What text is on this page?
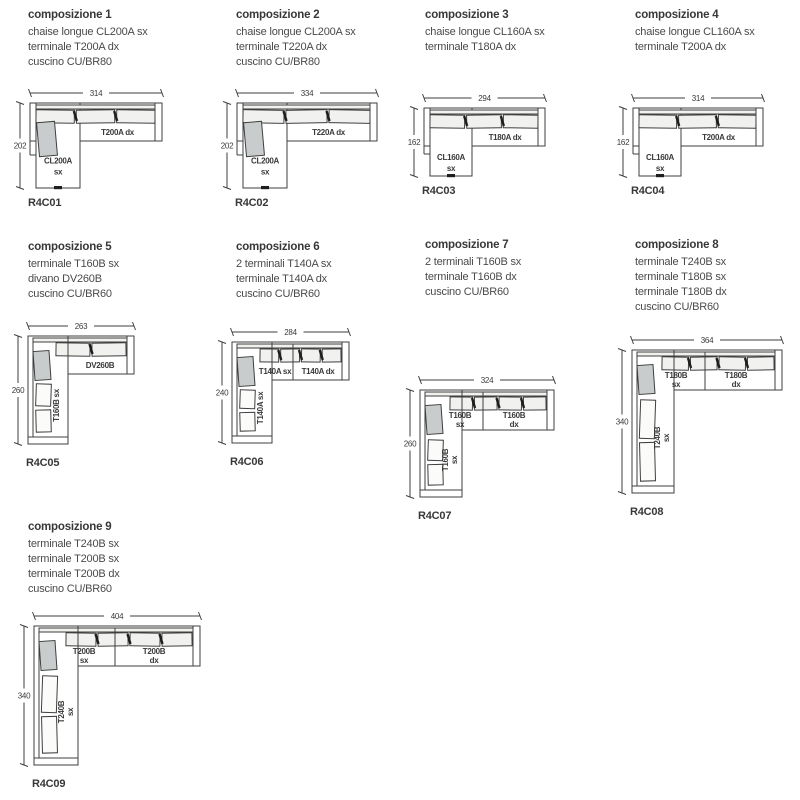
composizione 1
chaise longue CL200A sx
terminale T200A dx
cuscino CU/BR80
composizione 2
chaise longue CL200A sx
terminale T220A dx
cuscino CU/BR80
composizione 3
chaise longue CL160A sx
terminale T180A dx
composizione 4
chaise longue CL160A sx
terminale T200A dx
composizione 5
terminale T160B sx
divano DV260B
cuscino CU/BR60
composizione 6
2 terminali T140A sx
terminale T140A dx
cuscino CU/BR60
composizione 7
2 terminali T160B sx
terminale T160B dx
cuscino CU/BR60
composizione 8
terminale T240B sx
terminale T180B sx
terminale T180B dx
cuscino CU/BR60
composizione 9
terminale T240B sx
terminale T200B sx
terminale T200B dx
cuscino CU/BR60
314
202
T200A dx
CL200A
sx
R4C01
334
202
T220A dx
CL200A
sx
R4C02
294
162
T180A dx
CL160A
sx
R4C03
314
162
T200A dx
CL160A
sx
R4C04
263
260
DV260B
T160B sx
R4C05
284
240
T140A sx T140A dx
T140A sx
R4C06
324
260
T160B
sx
T160B
dx
T160B sx
R4C07
364
340
T180B
sx
T180B
dx
T240B sx
R4C08
404
340
T200B
sx
T200B
dx
T240B sx
R4C09
